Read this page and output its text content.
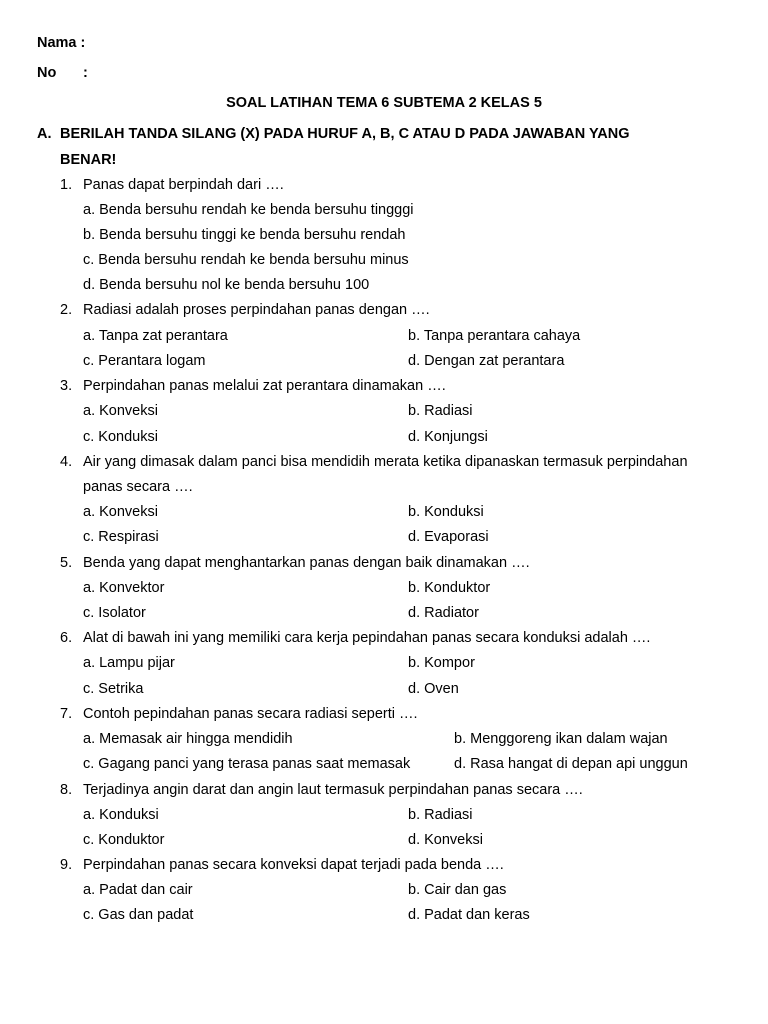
Nama :
No :
SOAL LATIHAN TEMA 6 SUBTEMA 2 KELAS 5
A. BERILAH TANDA SILANG (X) PADA HURUF A, B, C ATAU D PADA JAWABAN YANG
BENAR!
1. Panas dapat berpindah dari ….
a. Benda bersuhu rendah ke benda bersuhu tingggi
b. Benda bersuhu tinggi ke benda bersuhu rendah
c. Benda bersuhu rendah ke benda bersuhu minus
d. Benda bersuhu nol ke benda bersuhu 100
2. Radiasi adalah proses perpindahan panas dengan ….
a. Tanpa zat perantara	b. Tanpa perantara cahaya
c. Perantara logam	d. Dengan zat perantara
3. Perpindahan panas melalui zat perantara dinamakan ….
a. Konveksi	b. Radiasi
c. Konduksi	d. Konjungsi
4. Air yang dimasak dalam panci bisa mendidih merata ketika dipanaskan termasuk perpindahan
panas secara ….
a. Konveksi	b. Konduksi
c. Respirasi	d. Evaporasi
5. Benda yang dapat menghantarkan panas dengan baik dinamakan ….
a. Konvektor	b. Konduktor
c. Isolator	d. Radiator
6. Alat di bawah ini yang memiliki cara kerja pepindahan panas secara konduksi adalah ….
a. Lampu pijar	b. Kompor
c. Setrika	d. Oven
7. Contoh pepindahan panas secara radiasi seperti ….
a. Memasak air hingga mendidih	b. Menggoreng ikan dalam wajan
c. Gagang panci yang terasa panas saat memasak	d. Rasa hangat di depan api unggun
8. Terjadinya angin darat dan angin laut termasuk perpindahan panas secara ….
a. Konduksi	b. Radiasi
c. Konduktor	d. Konveksi
9. Perpindahan panas secara konveksi dapat terjadi pada benda ….
a. Padat dan cair	b. Cair dan gas
c. Gas dan padat	d. Padat dan keras
